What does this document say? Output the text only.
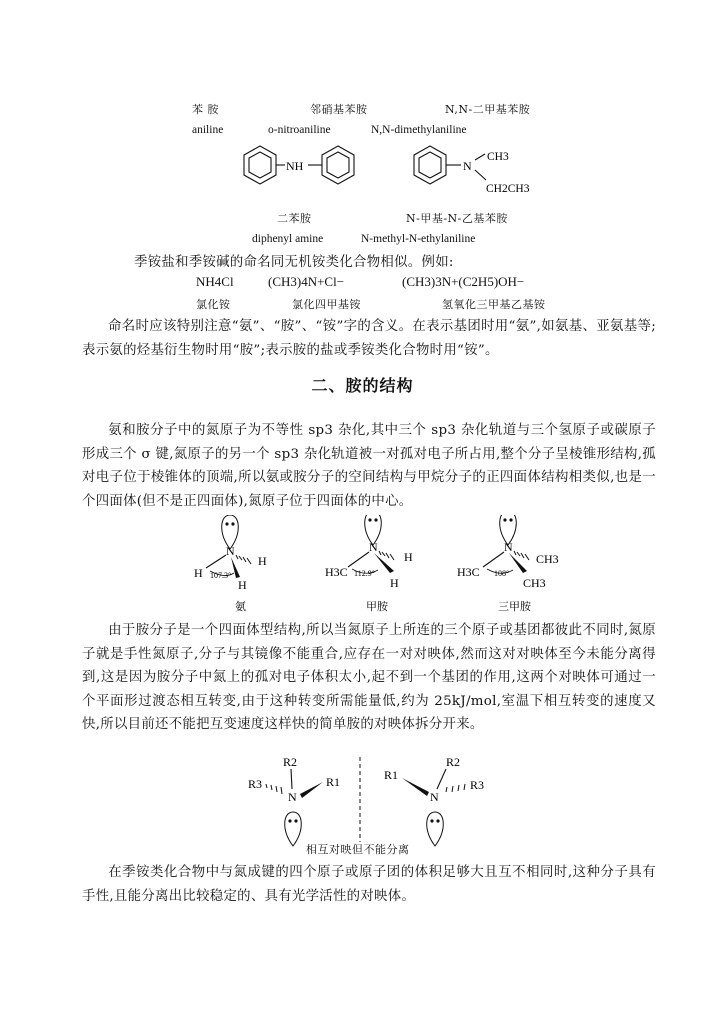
苯 胺	邻硝基苯胺	N,N-二甲基苯胺
aniline	o-nitroaniline	N,N-dimethylaniline
NH	N
CH3
CH2CH3
二苯胺	N-甲基-N-乙基苯胺
diphenyl amine	N-methyl-N-ethylaniline
季铵盐和季铵碱的命名同无机铵类化合物相似。例如:
NH4Cl	(CH3)4N+Cl−	(CH3)3N+(C2H5)OH−
氯化铵	氯化四甲基铵	氢氧化三甲基乙基铵
命名时应该特别注意“氨”、“胺”、“铵”字的含义。在表示基团时用“氨”,如氨基、亚氨基等;表示氨的烃基衍生物时用“胺”;表示胺的盐或季铵类化合物时用“铵”。
二、胺的结构
氨和胺分子中的氮原子为不等性 sp3 杂化,其中三个 sp3 杂化轨道与三个氢原子或碳原子形成三个 σ 键,氮原子的另一个 sp3 杂化轨道被一对孤对电子所占用,整个分子呈棱锥形结构,孤对电子位于棱锥体的顶端,所以氨或胺分子的空间结构与甲烷分子的正四面体结构相类似,也是一个四面体(但不是正四面体),氮原子位于四面体的中心。
N
H
H
H
107.3°
氨
N
H3C
H
H
112.9°
甲胺
N
H3C
CH3
CH3
108°
三甲胺
由于胺分子是一个四面体型结构,所以当氮原子上所连的三个原子或基团都彼此不同时,氮原子就是手性氮原子,分子与其镜像不能重合,应存在一对对映体,然而这对对映体至今未能分离得到,这是因为胺分子中氮上的孤对电子体积太小,起不到一个基团的作用,这两个对映体可通过一个平面形过渡态相互转变,由于这种转变所需能量低,约为 25kJ/mol,室温下相互转变的速度又快,所以目前还不能把互变速度这样快的简单胺的对映体拆分开来。
R2
R3	R1
N
R2
R1
R3
N
相互对映但不能分离
在季铵类化合物中与氮成键的四个原子或原子团的体积足够大且互不相同时,这种分子具有手性,且能分离出比较稳定的、具有光学活性的对映体。
